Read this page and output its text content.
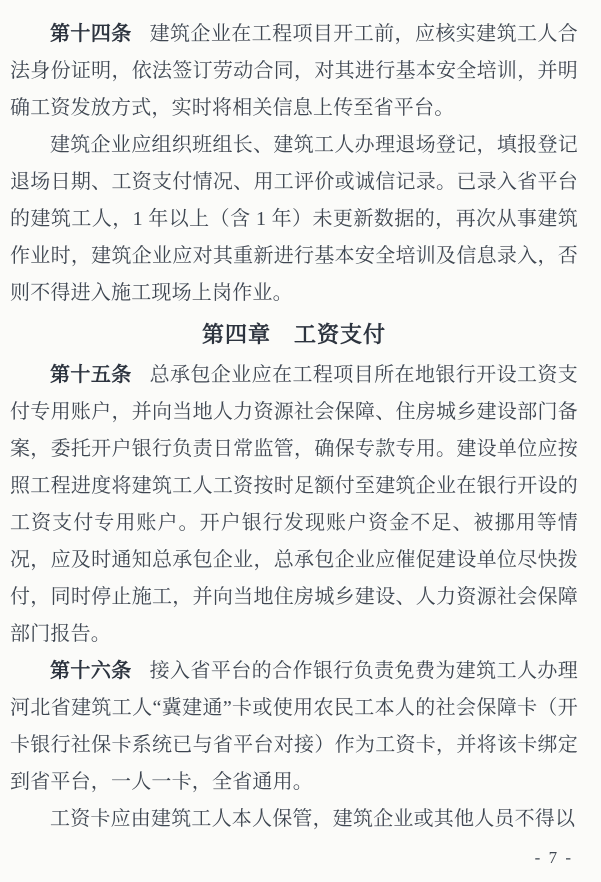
第十四条 建筑企业在工程项目开工前，应核实建筑工人合法身份证明，依法签订劳动合同，对其进行基本安全培训，并明确工资发放方式，实时将相关信息上传至省平台。

建筑企业应组织班组长、建筑工人办理退场登记，填报登记退场日期、工资支付情况、用工评价或诚信记录。已录入省平台的建筑工人，1 年以上（含 1 年）未更新数据的，再次从事建筑作业时，建筑企业应对其重新进行基本安全培训及信息录入，否则不得进入施工现场上岗作业。

第四章　工资支付

第十五条 总承包企业应在工程项目所在地银行开设工资支付专用账户，并向当地人力资源社会保障、住房城乡建设部门备案，委托开户银行负责日常监管，确保专款专用。建设单位应按照工程进度将建筑工人工资按时足额付至建筑企业在银行开设的工资支付专用账户。开户银行发现账户资金不足、被挪用等情况，应及时通知总承包企业，总承包企业应催促建设单位尽快拨付，同时停止施工，并向当地住房城乡建设、人力资源社会保障部门报告。

第十六条 接入省平台的合作银行负责免费为建筑工人办理河北省建筑工人“冀建通”卡或使用农民工本人的社会保障卡（开卡银行社保卡系统已与省平台对接）作为工资卡，并将该卡绑定到省平台，一人一卡，全省通用。

工资卡应由建筑工人本人保管，建筑企业或其他人员不得以

- 7 -
